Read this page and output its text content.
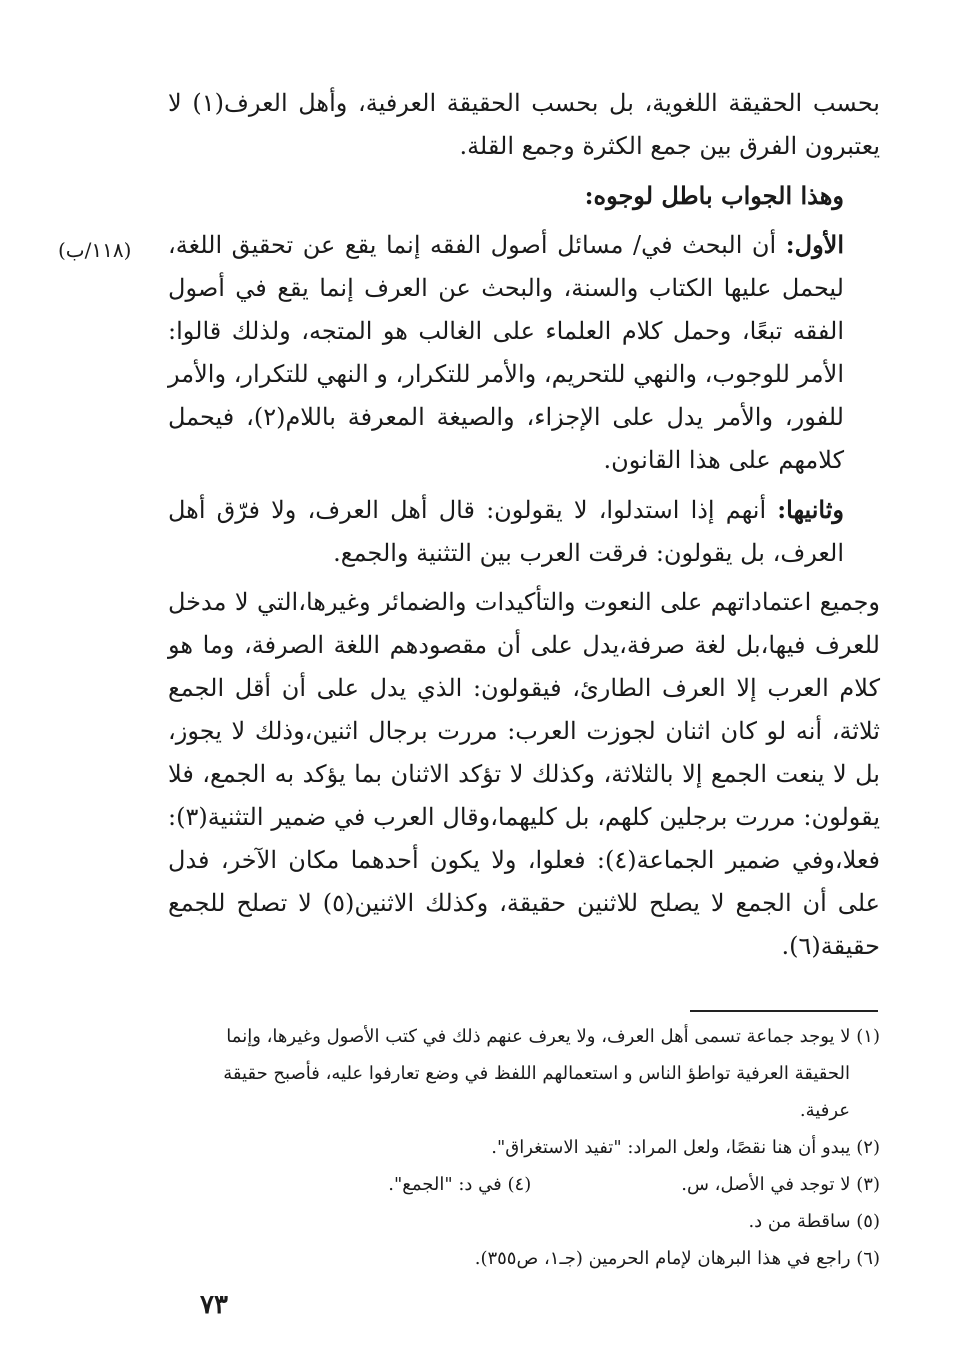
(١١٨/ب)

بحسب الحقيقة اللغوية، بل بحسب الحقيقة العرفية، وأهل العرف(١) لا يعتبرون الفرق بين جمع الكثرة وجمع القلة.

وهذا الجواب باطل لوجوه:

الأول: أن البحث في/ مسائل أصول الفقه إنما يقع عن تحقيق اللغة، ليحمل عليها الكتاب والسنة، والبحث عن العرف إنما يقع في أصول الفقه تبعًا، وحمل كلام العلماء على الغالب هو المتجه، ولذلك قالوا: الأمر للوجوب، والنهي للتحريم، والأمر للتكرار، و النهي للتكرار، والأمر للفور، والأمر يدل على الإجزاء، والصيغة المعرفة باللام(٢)، فيحمل كلامهم على هذا القانون.

وثانيها: أنهم إذا استدلوا، لا يقولون: قال أهل العرف، ولا فرّق أهل العرف، بل يقولون: فرقت العرب بين التثنية والجمع.

وجميع اعتماداتهم على النعوت والتأكيدات والضمائر وغيرها،التي لا مدخل للعرف فيها،بل لغة صرفة،يدل على أن مقصودهم اللغة الصرفة، وما هو كلام العرب إلا العرف الطارئ، فيقولون: الذي يدل على أن أقل الجمع ثلاثة، أنه لو كان اثنان لجوزت العرب: مررت برجال اثنين،وذلك لا يجوز، بل لا ينعت الجمع إلا بالثلاثة، وكذلك لا تؤكد الاثنان بما يؤكد به الجمع، فلا يقولون: مررت برجلين كلهم، بل كليهما،وقال العرب في ضمير التثنية(٣): فعلا،وفي ضمير الجماعة(٤): فعلوا، ولا يكون أحدهما مكان الآخر، فدل على أن الجمع لا يصلح للاثنين حقيقة، وكذلك الاثنين(٥) لا تصلح للجمع حقيقة(٦).

(١) لا يوجد جماعة تسمى أهل العرف، ولا يعرف عنهم ذلك في كتب الأصول وغيرها، وإنما

الحقيقة العرفية تواطؤ الناس و استعمالهم اللفظ في وضع تعارفوا عليه، فأصبح حقيقة

عرفية.

(٢) يبدو أن هنا نقصًا، ولعل المراد: "تفيد الاستغراق".

(٣) لا توجد في الأصل، س.
(٤) في د: "الجمع".

(٥) ساقطة من د.

(٦) راجع في هذا البرهان لإمام الحرمين (جـ١، ص٣٥٥).

٧٣
